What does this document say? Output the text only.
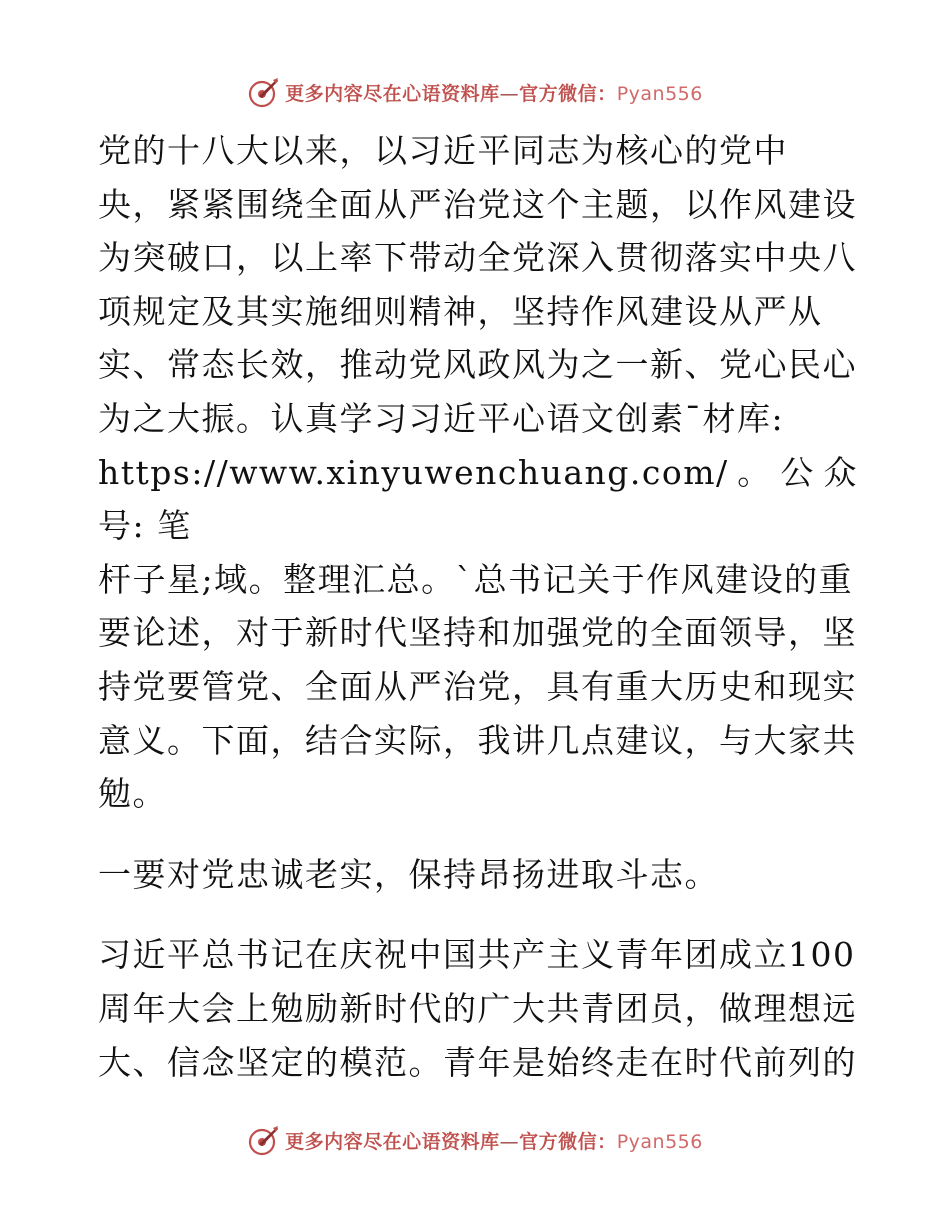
更多内容尽在心语资料库—官方微信：Pyan556

党的十八大以来，以习近平同志为核心的党中
央，紧紧围绕全面从严治党这个主题，以作风建设
为突破口，以上率下带动全党深入贯彻落实中央八
项规定及其实施细则精神，坚持作风建设从严从
实、常态长效，推动党风政风为之一新、党心民心
为之大振。认真学习习近平心语文创素¯材库:
https://www.xinyuwenchuang.com/。公众号: 笔
杆子星;域。整理汇总。`总书记关于作风建设的重
要论述，对于新时代坚持和加强党的全面领导，坚
持党要管党、全面从严治党，具有重大历史和现实
意义。下面，结合实际，我讲几点建议，与大家共
勉。

一要对党忠诚老实，保持昂扬进取斗志。

习近平总书记在庆祝中国共产主义青年团成立100
周年大会上勉励新时代的广大共青团员，做理想远
大、信念坚定的模范。青年是始终走在时代前列的

更多内容尽在心语资料库—官方微信：Pyan556
